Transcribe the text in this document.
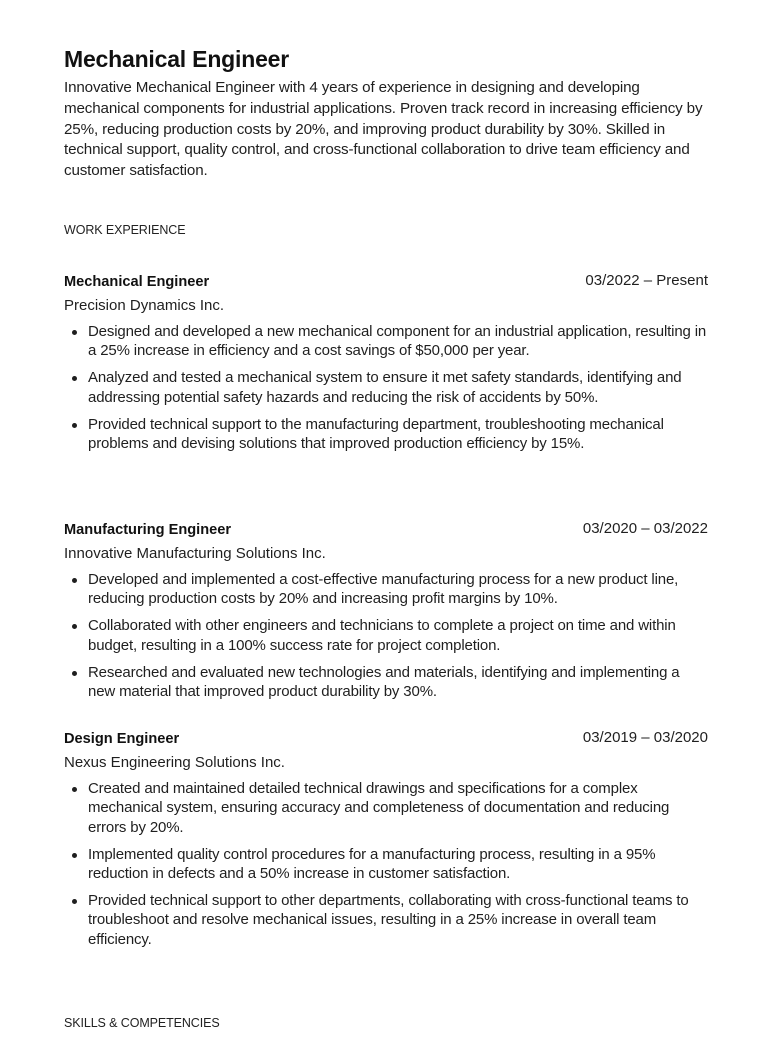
Mechanical Engineer

Innovative Mechanical Engineer with 4 years of experience in designing and developing mechanical components for industrial applications. Proven track record in increasing efficiency by 25%, reducing production costs by 20%, and improving product durability by 30%. Skilled in technical support, quality control, and cross-functional collaboration to drive team efficiency and customer satisfaction.

WORK EXPERIENCE
Mechanical Engineer	03/2022 – Present
Precision Dynamics Inc.
Designed and developed a new mechanical component for an industrial application, resulting in a 25% increase in efficiency and a cost savings of $50,000 per year.
Analyzed and tested a mechanical system to ensure it met safety standards, identifying and addressing potential safety hazards and reducing the risk of accidents by 50%.
Provided technical support to the manufacturing department, troubleshooting mechanical problems and devising solutions that improved production efficiency by 15%.
Manufacturing Engineer	03/2020 – 03/2022
Innovative Manufacturing Solutions Inc.
Developed and implemented a cost-effective manufacturing process for a new product line, reducing production costs by 20% and increasing profit margins by 10%.
Collaborated with other engineers and technicians to complete a project on time and within budget, resulting in a 100% success rate for project completion.
Researched and evaluated new technologies and materials, identifying and implementing a new material that improved product durability by 30%.
Design Engineer	03/2019 – 03/2020
Nexus Engineering Solutions Inc.
Created and maintained detailed technical drawings and specifications for a complex mechanical system, ensuring accuracy and completeness of documentation and reducing errors by 20%.
Implemented quality control procedures for a manufacturing process, resulting in a 95% reduction in defects and a 50% increase in customer satisfaction.
Provided technical support to other departments, collaborating with cross-functional teams to troubleshoot and resolve mechanical issues, resulting in a 25% increase in overall team efficiency.
SKILLS & COMPETENCIES
